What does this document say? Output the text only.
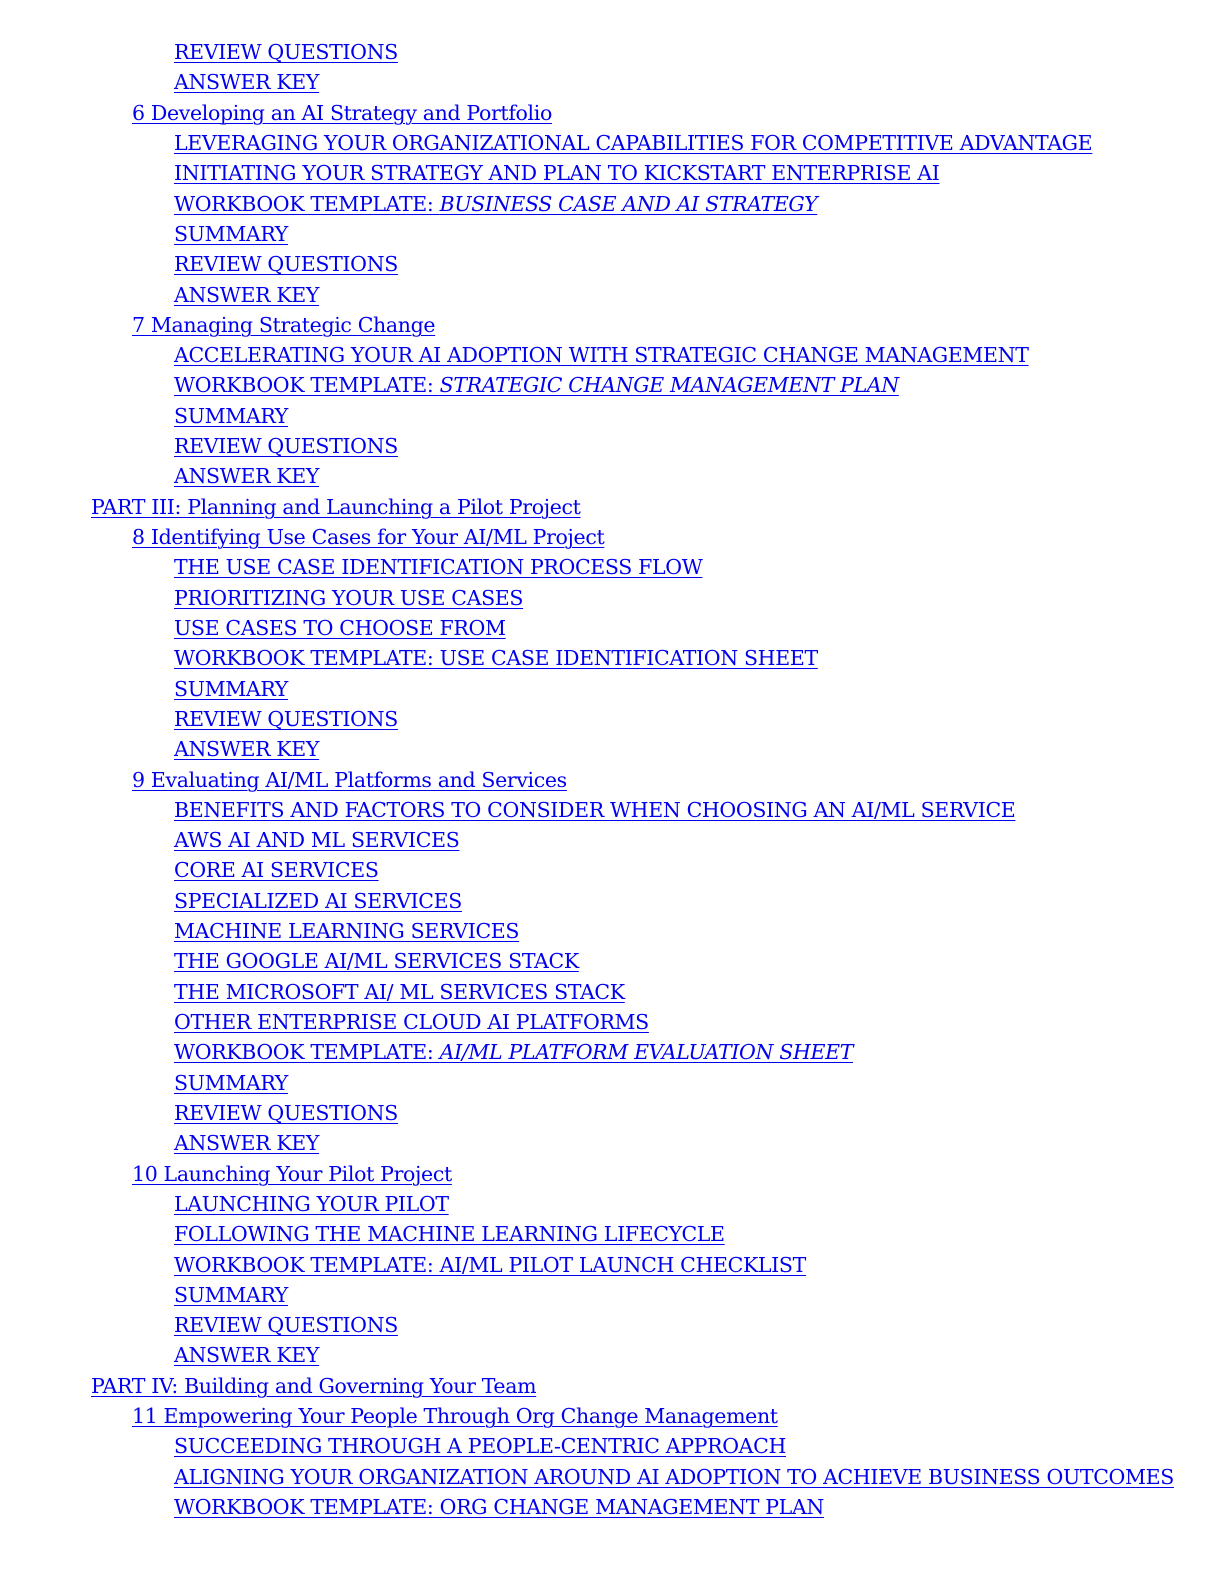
REVIEW QUESTIONS
ANSWER KEY
6 Developing an AI Strategy and Portfolio
LEVERAGING YOUR ORGANIZATIONAL CAPABILITIES FOR COMPETITIVE ADVANTAGE
INITIATING YOUR STRATEGY AND PLAN TO KICKSTART ENTERPRISE AI
WORKBOOK TEMPLATE: BUSINESS CASE AND AI STRATEGY
SUMMARY
REVIEW QUESTIONS
ANSWER KEY
7 Managing Strategic Change
ACCELERATING YOUR AI ADOPTION WITH STRATEGIC CHANGE MANAGEMENT
WORKBOOK TEMPLATE: STRATEGIC CHANGE MANAGEMENT PLAN
SUMMARY
REVIEW QUESTIONS
ANSWER KEY
PART III: Planning and Launching a Pilot Project
8 Identifying Use Cases for Your AI/ML Project
THE USE CASE IDENTIFICATION PROCESS FLOW
PRIORITIZING YOUR USE CASES
USE CASES TO CHOOSE FROM
WORKBOOK TEMPLATE: USE CASE IDENTIFICATION SHEET
SUMMARY
REVIEW QUESTIONS
ANSWER KEY
9 Evaluating AI/ML Platforms and Services
BENEFITS AND FACTORS TO CONSIDER WHEN CHOOSING AN AI/ML SERVICE
AWS AI AND ML SERVICES
CORE AI SERVICES
SPECIALIZED AI SERVICES
MACHINE LEARNING SERVICES
THE GOOGLE AI/ML SERVICES STACK
THE MICROSOFT AI/ ML SERVICES STACK
OTHER ENTERPRISE CLOUD AI PLATFORMS
WORKBOOK TEMPLATE: AI/ML PLATFORM EVALUATION SHEET
SUMMARY
REVIEW QUESTIONS
ANSWER KEY
10 Launching Your Pilot Project
LAUNCHING YOUR PILOT
FOLLOWING THE MACHINE LEARNING LIFECYCLE
WORKBOOK TEMPLATE: AI/ML PILOT LAUNCH CHECKLIST
SUMMARY
REVIEW QUESTIONS
ANSWER KEY
PART IV: Building and Governing Your Team
11 Empowering Your People Through Org Change Management
SUCCEEDING THROUGH A PEOPLE-CENTRIC APPROACH
ALIGNING YOUR ORGANIZATION AROUND AI ADOPTION TO ACHIEVE BUSINESS OUTCOMES
WORKBOOK TEMPLATE: ORG CHANGE MANAGEMENT PLAN
